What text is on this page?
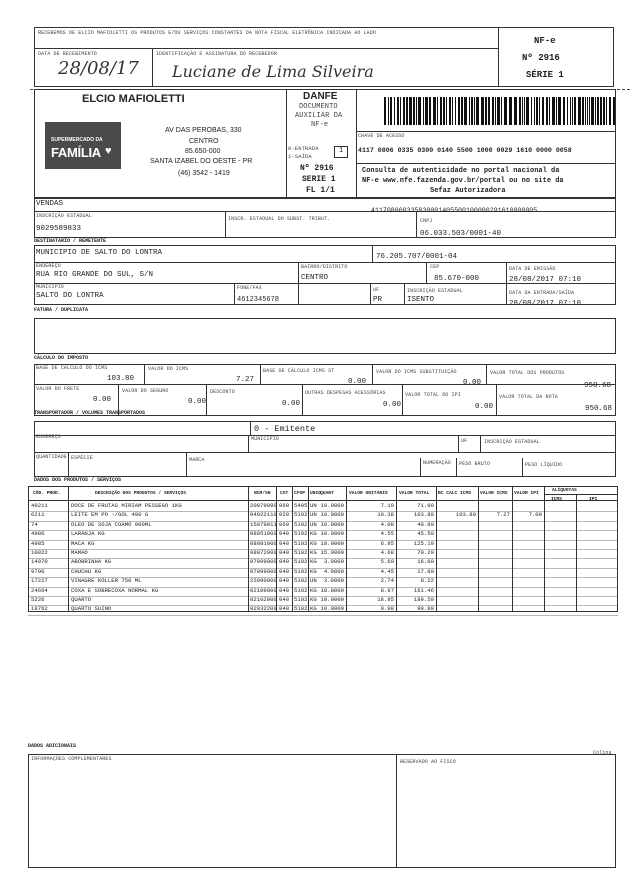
RECEBEMOS DE ELCIO MAFIOLETTI OS PRODUTOS E/OU SERVIÇOS CONSTANTES DA NOTA FISCAL ELETRÔNICA INDICADA AO LADO
DATA DE RECEBIMENTO
28/08/17
IDENTIFICAÇÃO E ASSINATURA DO RECEBEDOR
Luciane de Lima Silveira
NF-e
Nº 2916
SÉRIE 1
ELCIO MAFIOLETTI
SUPERMERCADO DA
FAMÍLIA ♥
AV DAS PEROBAS, 330
CENTRO
85.650-000
SANTA IZABEL DO OESTE - PR
(46) 3542 - 1419
DANFE
DOCUMENTO
AUXILIAR DA
NF-e
0-ENTRADA
1-SAÍDA
1
Nº 2916
SERIE 1
FL 1/1
CHAVE DE ACESSO
4117 0806 0335 0300 0140 5500 1000 0029 1610 0000 0058
Consulta de autenticidade no portal nacional da
NF-e www.nfe.fazenda.gov.br/portal ou no site da
Sefaz Autorizadora
VENDAS
411708060335030001405500100000291610000005
INSCRIÇÃO ESTADUAL
9029589833
INSCR. ESTADUAL DO SUBST. TRIBUT.	CNPJ
06.033.503/0001-40
DESTINATÁRIO / REMETENTE
MUNICIPIO DE SALTO DO LONTRA	76.205.707/0001-04
ENDEREÇO
RUA RIO GRANDE DO SUL, S/N
BAIRRO/DISTRITO
CENTRO
CEP
85.670-000
DATA DE EMISSÃO
28/08/2017 07:10
MUNICÍPIO
SALTO DO LONTRA
FONE/FAX
4612345678
UF
PR
INSCRIÇÃO ESTADUAL
ISENTO
DATA DA ENTRADA/SAÍDA
28/08/2017 07:10
FATURA / DUPLICATA
CÁLCULO DO IMPOSTO
BASE DE CÁLCULO DO ICMS
103.80
VALOR DO ICMS
7.27
BASE DE CÁLCULO ICMS ST
0.00
VALOR DO ICMS SUBSTITUIÇÃO
0.00
VALOR TOTAL DOS PRODUTOS
950.68
VALOR DO FRETE
0.00
VALOR DO SEGURO
0.00
DESCONTO
0.00
OUTRAS DESPESAS ACESSÓRIAS
0.00
VALOR TOTAL DO IPI
0.00
VALOR TOTAL DA NOTA
950.68
TRANSPORTADOR / VOLUMES TRANSPORTADOS
0 - Emitente
ENDEREÇO	MUNICÍPIO	UF	INSCRIÇÃO ESTADUAL
QUANTIDADE ESPÉCIE	MARCA	NUMERAÇÃO PESO BRUTO	PESO LÍQUIDO
DADOS DOS PRODUTOS / SERVIÇOS
CÓD. PROD.	DESCRIÇÃO DOS PRODUTOS / SERVIÇOS	NCM/SH CST CFOP UNID
QUANT	VALOR UNITÁRIO VALOR TOTAL BC CALC ICMS VALOR ICMS VALOR IPI
ALÍQUOTAS
ICMS	IPI
49211	DOCE DE FRUTAS MIRIAM PESSEGO 1KG	20079990 060 5405 UN 10.0000	7.19	71.90
6211	LEITE EM PO -/GOL 400 G	04022110 020 5102 UN 10.0000	10.38	103.80	103.80	7.27	7.00
74	OLEO DE SOJA COAMO 900ML	15079011 060 5102 UN 10.0000	4.08	40.80
4986	LARANJA KG	08051000 040 5102 KG 10.0000	4.55	45.50
4985	MACA KG	08081000 040 5102 KG 18.0000	6.95	125.10
10022	MAMAO	08072000 040 5102 KG 15.0000	4.68	70.20
14970	ABOBRINHA KG	07099000 040 5102 KG 3.0000	5.60	16.80
9790	CHUCHU KG	07099000 040 5102 KG 4.0000	4.45	17.80
17227	VINAGRE KOLLER 750 ML	22090000 040 5102 UN 3.0000	2.74	8.22
24664	COXA E SOBRECOXA NORMAL KG	02109900 040 5102 KG 18.0000	8.97	161.46
5226	QUARTO	02102000 040 5102 KG 10.0000	18.95	189.50
18762	QUARTO SUINO	02032200 040 5102 KG 10.0000	9.98	99.80
DADOS ADICIONAIS
Colina
INFORMAÇÕES COMPLEMENTARES	RESERVADO AO FISCO
